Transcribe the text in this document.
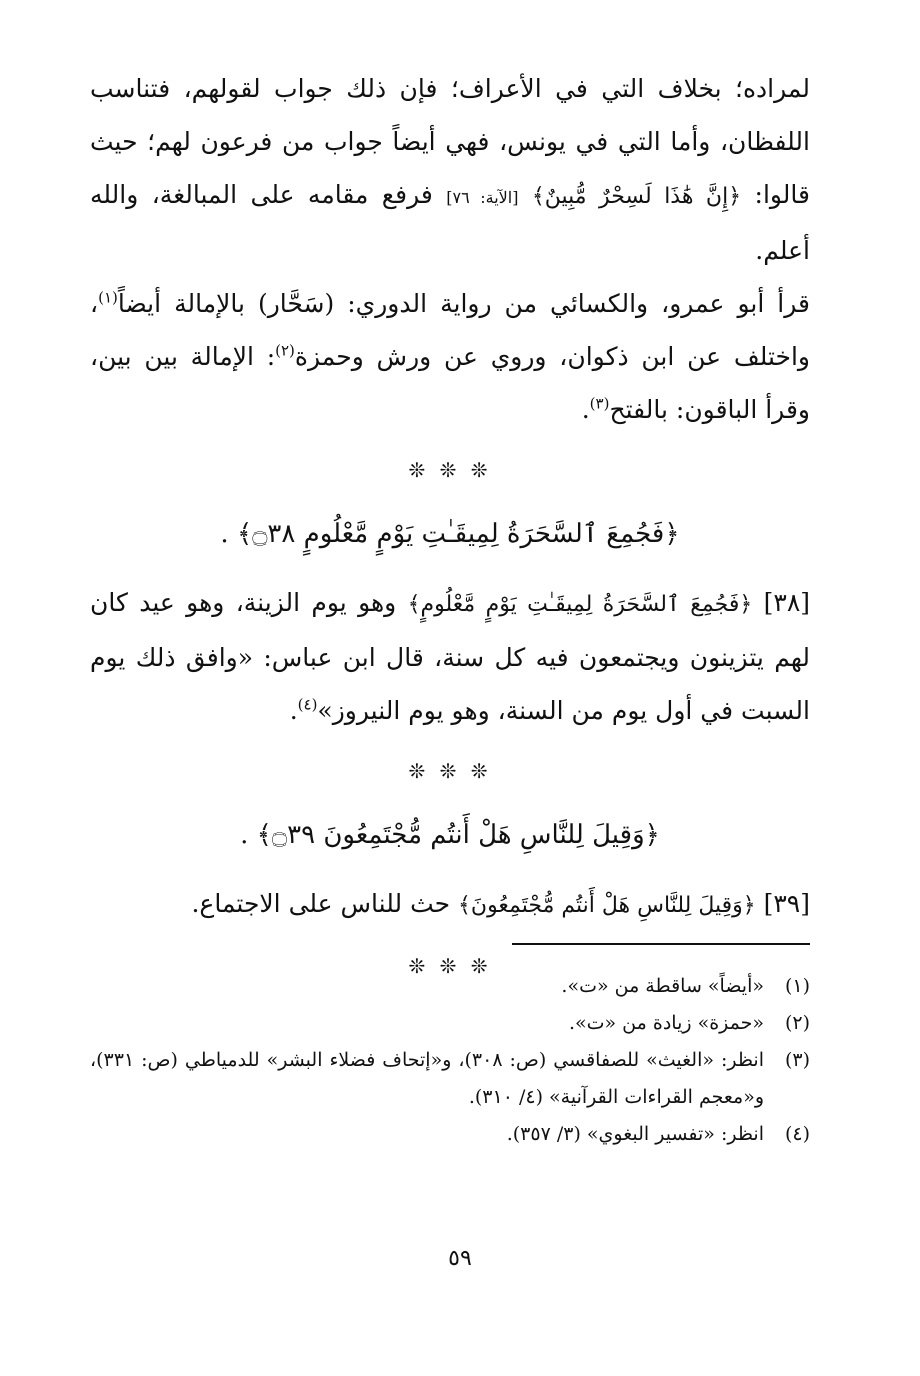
لمراده؛ بخلاف التي في الأعراف؛ فإن ذلك جواب لقولهم، فتناسب اللفظان، وأما التي في يونس، فهي أيضاً جواب من فرعون لهم؛ حيث قالوا: ﴿إِنَّ هَٰذَا لَسِحْرٌ مُّبِينٌ﴾ [الآية: ٧٦] فرفع مقامه على المبالغة، والله أعلم.

قرأ أبو عمرو، والكسائي من رواية الدوري: (سَحَّار) بالإمالة أيضاً$^{(١)}$، واختلف عن ابن ذكوان، وروي عن ورش وحمزة$^{(٢)}$: الإمالة بين بين، وقرأ الباقون: بالفتح$^{(٣)}$.

❊ ❊ ❊
﴿فَجُمِعَ ٱلسَّحَرَةُ لِمِيقَـٰتِ يَوْمٍ مَّعْلُومٍ ۝٣٨﴾ .

[٣٨] ﴿فَجُمِعَ ٱلسَّحَرَةُ لِمِيقَـٰتِ يَوْمٍ مَّعْلُومٍ﴾ وهو يوم الزينة، وهو عيد كان لهم يتزينون ويجتمعون فيه كل سنة، قال ابن عباس: «وافق ذلك يوم السبت في أول يوم من السنة، وهو يوم النيروز»$^{(٤)}$.

❊ ❊ ❊
﴿وَقِيلَ لِلنَّاسِ هَلْ أَنتُم مُّجْتَمِعُونَ ۝٣٩﴾ .

[٣٩] ﴿وَقِيلَ لِلنَّاسِ هَلْ أَنتُم مُّجْتَمِعُونَ﴾ حث للناس على الاجتماع.

❊ ❊ ❊
(١)
«أيضاً» ساقطة من «ت».
(٢)
«حمزة» زيادة من «ت».
(٣)
انظر: «الغيث» للصفاقسي (ص: ٣٠٨)، و«إتحاف فضلاء البشر» للدمياطي (ص: ٣٣١)، و«معجم القراءات القرآنية» (٤/ ٣١٠).
(٤)
انظر: «تفسير البغوي» (٣/ ٣٥٧).
٥٩
